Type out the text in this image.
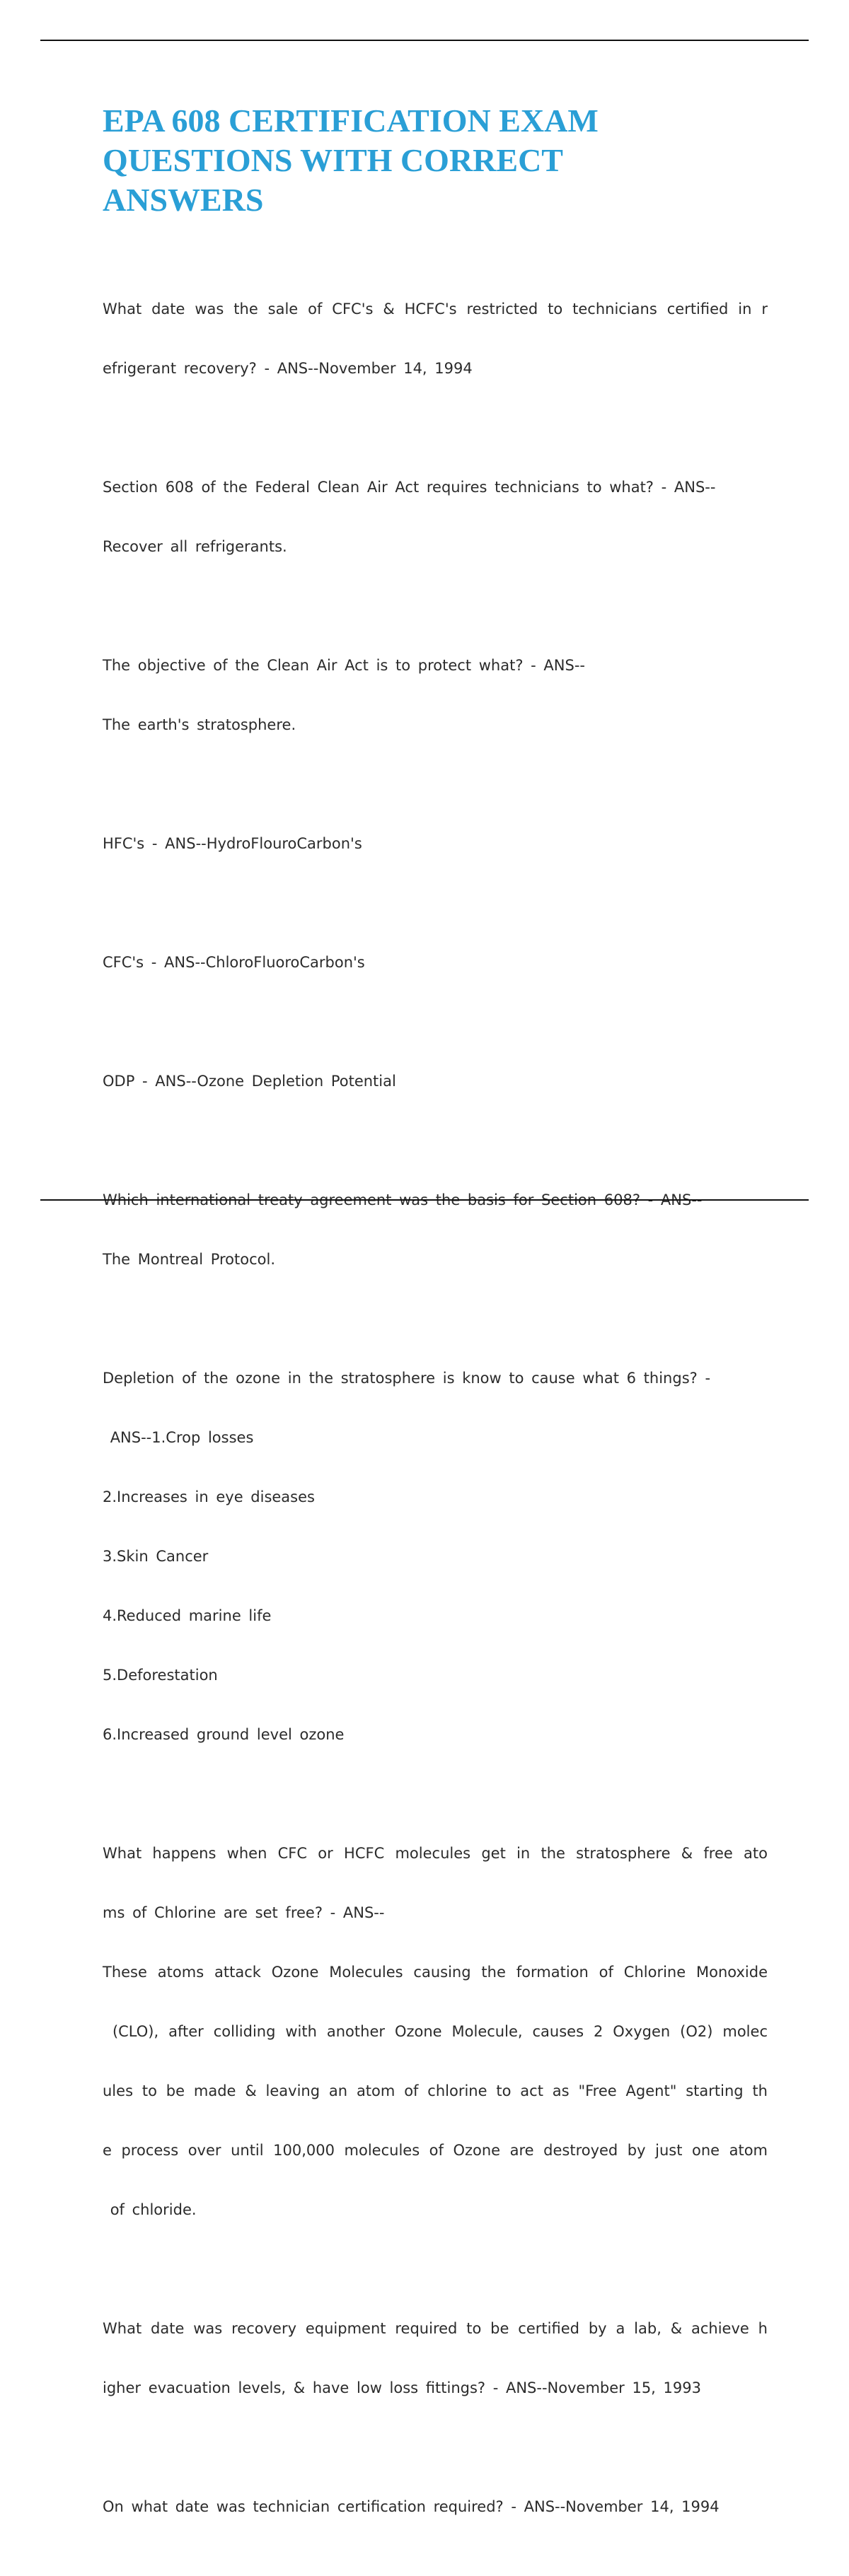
EPA 608 CERTIFICATION EXAM
QUESTIONS WITH CORRECT
ANSWERS

What date was the sale of CFC's & HCFC's restricted to technicians certified in r

efrigerant recovery? - ANS--November 14, 1994

Section 608 of the Federal Clean Air Act requires technicians to what? - ANS--

Recover all refrigerants.

The objective of the Clean Air Act is to protect what? - ANS--

The earth's stratosphere.

HFC's - ANS--HydroFlouroCarbon's

CFC's - ANS--ChloroFluoroCarbon's

ODP - ANS--Ozone Depletion Potential

Which international treaty agreement was the basis for Section 608? - ANS--

The Montreal Protocol.

Depletion of the ozone in the stratosphere is know to cause what 6 things? -

ANS--1.Crop losses

2.Increases in eye diseases

3.Skin Cancer

4.Reduced marine life

5.Deforestation

6.Increased ground level ozone

What happens when CFC or HCFC molecules get in the stratosphere & free ato

ms of Chlorine are set free? - ANS--

These atoms attack Ozone Molecules causing the formation of Chlorine Monoxide

(CLO), after colliding with another Ozone Molecule, causes 2 Oxygen (O2) molec

ules to be made & leaving an atom of chlorine to act as "Free Agent" starting th

e process over until 100,000 molecules of Ozone are destroyed by just one atom

of chloride.

What date was recovery equipment required to be certified by a lab, & achieve h

igher evacuation levels, & have low loss fittings? - ANS--November 15, 1993

On what date was technician certification required? - ANS--November 14, 1994
